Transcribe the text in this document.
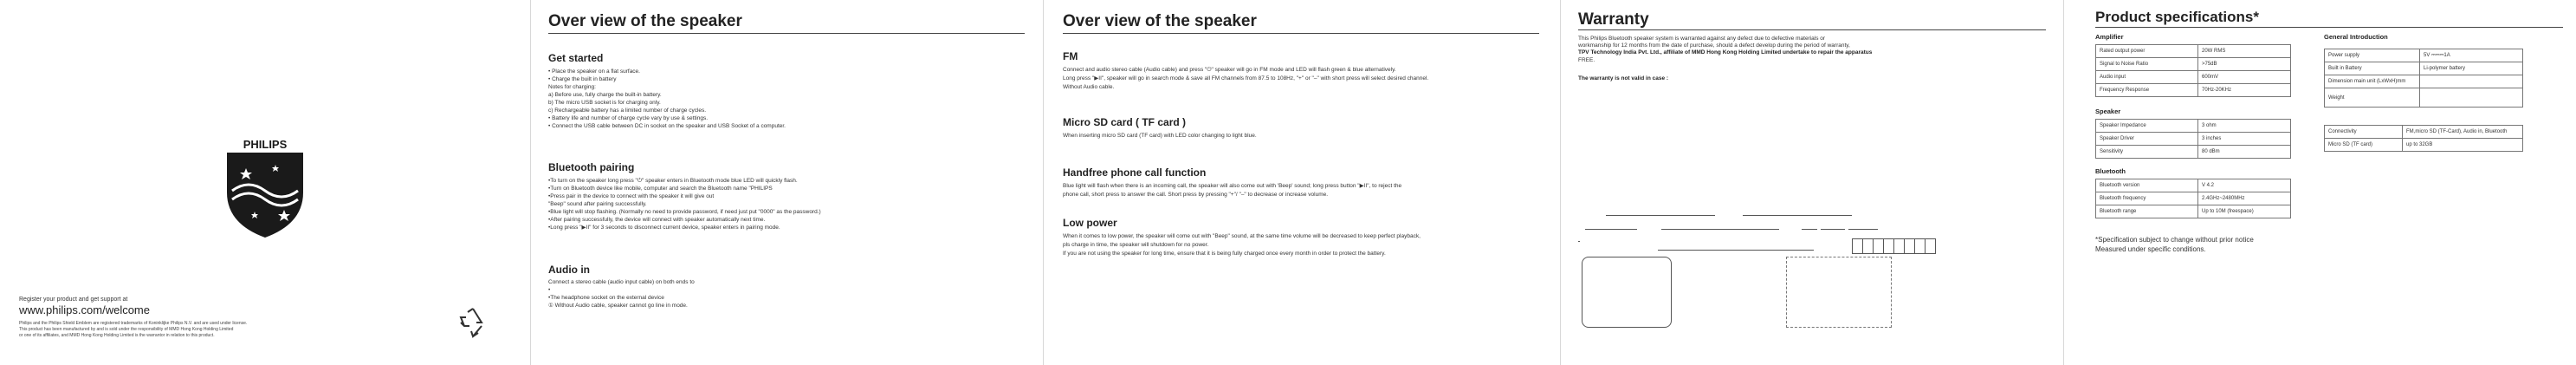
PHILIPS
Register your product and get support at
www.philips.com/welcome
Philips and the Philips Shield Emblem are registered trademarks of Koninklijke Philips N.V. and are used under license.
This product has been manufactured by and is sold under the responsibility of MMD Hong Kong Holding Limited
or one of its affiliates, and MMD Hong Kong Holding Limited is the warrantor in relation to this product.
Over view of the speaker
Get started
• Place the speaker on a flat surface.
• Charge the built in battery
Notes for charging:
a) Before use, fully charge the built-in battery.
b) The micro USB socket is for charging only.
c) Rechargeable battery has a limited number of charge cycles.
• Battery life and number of charge cycle vary by use & settings.
• Connect the USB cable between DC in socket on the speaker and USB Socket of a computer.
Bluetooth pairing
•To turn on the speaker long press "⏻" speaker enters in Bluetooth mode blue LED will quickly flash.
•Turn on Bluetooth device like mobile, computer and search the Bluetooth name "PHILIPS
•Press pair in the device to connect with the speaker it will give out
"Beep" sound after pairing successfully.
•Blue light will stop flashing. (Normally no need to provide password, if need just put "0000" as the password.)
•After pairing successfully, the device will connect with speaker automatically next time.
•Long press "▶II" for 3 seconds to disconnect current device, speaker enters in pairing mode.
Audio in
Connect a stereo cable (audio input cable) on both ends to
•
•The headphone socket on the external device
① Without Audio cable, speaker cannot go line in mode.
Over view of the speaker
FM
Connect and audio stereo cable (Audio cable) and press "⏻" speaker will go in FM mode and LED will flash green & blue alternatively.
Long press "▶II", speaker will go in search mode & save all FM channels from 87.5 to 108Hz, "+" or "–" with short press will select desired channel.
Without Audio cable.
Micro SD card ( TF card )
When inserting micro SD card (TF card) with LED color changing to light blue.
Handfree phone call function
Blue light will flash when there is an incoming call, the speaker will also come out with 'Beep' sound; long press button "▶II", to reject the
phone call, short press to answer the call. Short press by pressing "+"/ "–" to decrease or increase volume.
Low power
When it comes to low power, the speaker will come out with "Beep" sound, at the same time volume will be decreased to keep perfect playback,
pls charge in time, the speaker will shutdown for no power.
If you are not using the speaker for long time, ensure that it is being fully charged once every month in order to protect the battery.
Warranty
This Philips Bluetooth speaker system is warranted against any defect due to defective materials or
workmanship for 12 months from the date of purchase, should a defect develop during the period of warranty,
TPV Technology India Pvt. Ltd., affiliate of MMD Hong Kong Holding Limited undertake to repair the apparatus
FREE.
The warranty is not valid in case :
Product specifications*
Amplifier
Rated output power	20W RMS
Signal to Noise Ratio	>75dB
Audio input	600mV
Frequency Response	70Hz-20KHz
Speaker
Speaker Impedance	3 ohm
Speaker Driver	3 inches
Sensitivity	80 dBm
Bluetooth
Bluetooth version	V 4.2
Bluetooth frequency	2.4GHz~2480MHz
Bluetooth range	Up to 10M (freespace)
General Introduction
Power supply	5V ⎓⎓⎓1A
Built in Battery	Li-polymer battery
Dimension main unit (LxWxH)mm	
Weight	
Connectivity	FM,micro SD (TF-Card), Audio in, Bluetooth
Micro SD (TF card)	up to 32GB
*Specification subject to change without prior notice
Measured under specific conditions.
